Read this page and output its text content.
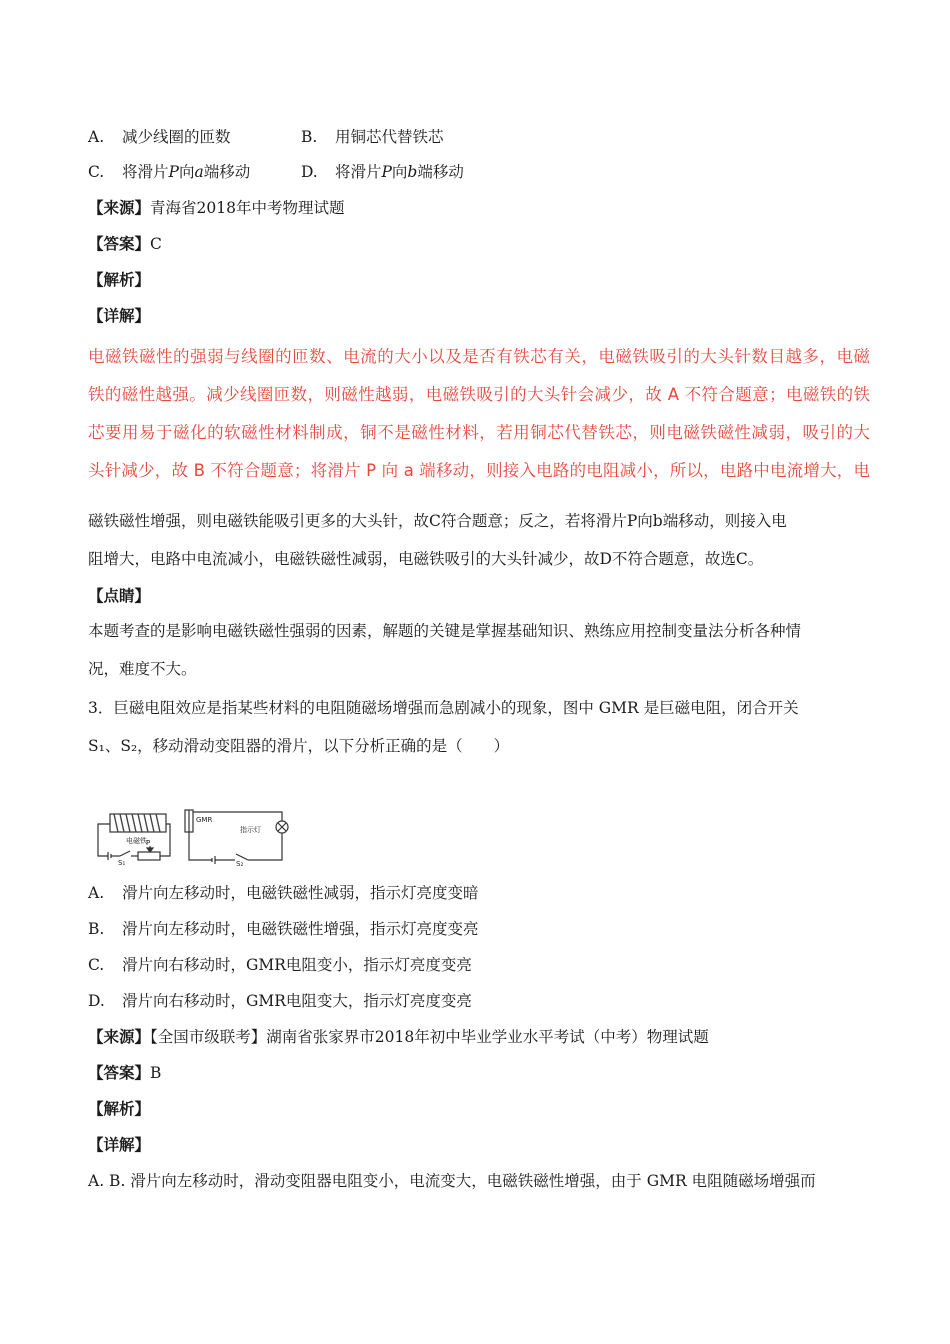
A. 减少线圈的匝数	B. 用铜芯代替铁芯
C. 将滑片P向a端移动	D. 将滑片P向b端移动
【来源】青海省2018年中考物理试题
【答案】C
【解析】
【详解】
电磁铁磁性的强弱与线圈的匝数、电流的大小以及是否有铁芯有关，电磁铁吸引的大头针数目越多，电磁
铁的磁性越强。减少线圈匝数，则磁性越弱，电磁铁吸引的大头针会减少，故 A 不符合题意；电磁铁的铁
芯要用易于磁化的软磁性材料制成，铜不是磁性材料，若用铜芯代替铁芯，则电磁铁磁性减弱，吸引的大
头针减少，故 B 不符合题意；将滑片 P 向 a 端移动，则接入电路的电阻减小，所以，电路中电流增大，电
磁铁磁性增强，则电磁铁能吸引更多的大头针，故C符合题意；反之，若将滑片P向b端移动，则接入电
阻增大，电路中电流减小，电磁铁磁性减弱，电磁铁吸引的大头针减少，故D不符合题意，故选C。
【点睛】
本题考查的是影响电磁铁磁性强弱的因素，解题的关键是掌握基础知识、熟练应用控制变量法分析各种情
况，难度不大。
3．巨磁电阻效应是指某些材料的电阻随磁场增强而急剧减小的现象，图中 GMR 是巨磁电阻，闭合开关
S₁、S₂，移动滑动变阻器的滑片，以下分析正确的是（　　）
电磁铁 P
S₁
GMR
指示灯
S₂
A. 滑片向左移动时，电磁铁磁性减弱，指示灯亮度变暗
B. 滑片向左移动时，电磁铁磁性增强，指示灯亮度变亮
C. 滑片向右移动时，GMR电阻变小，指示灯亮度变亮
D. 滑片向右移动时，GMR电阻变大，指示灯亮度变亮
【来源】【全国市级联考】湖南省张家界市2018年初中毕业学业水平考试（中考）物理试题
【答案】B
【解析】
【详解】
A. B. 滑片向左移动时，滑动变阻器电阻变小，电流变大，电磁铁磁性增强，由于 GMR 电阻随磁场增强而
